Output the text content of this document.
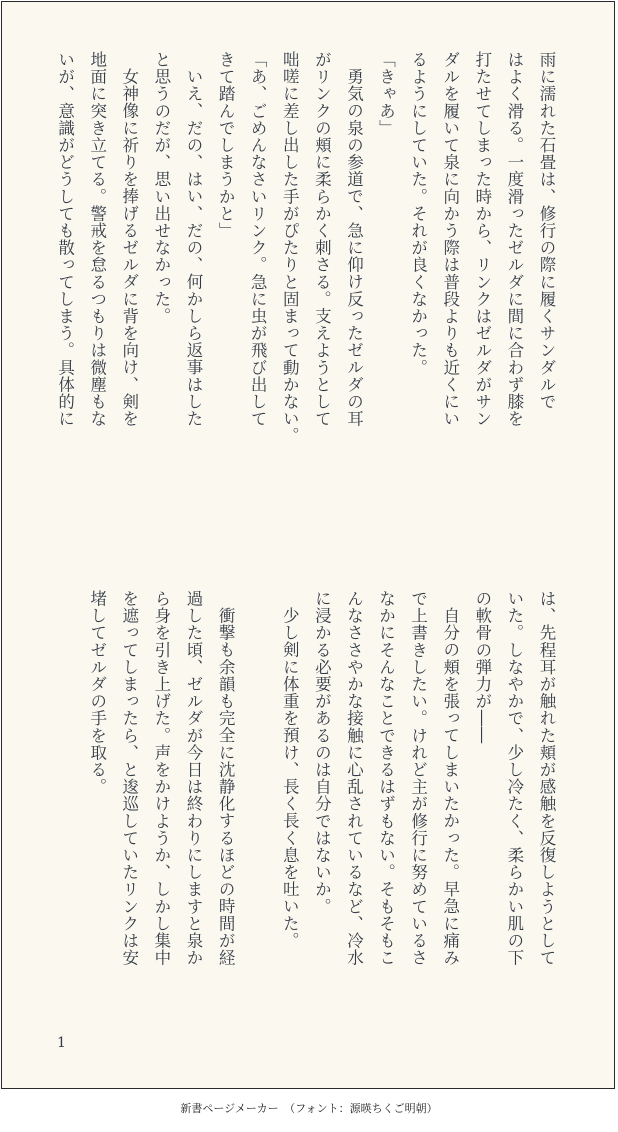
雨に濡れた石畳は、修行の際に履くサンダルで

はよく滑る。一度滑ったゼルダに間に合わず膝を

打たせてしまった時から、リンクはゼルダがサン

ダルを履いて泉に向かう際は普段よりも近くにい

るようにしていた。それが良くなかった。

「きゃあ」

勇気の泉の参道で、急に仰け反ったゼルダの耳

がリンクの頬に柔らかく刺さる。支えようとして

咄嗟に差し出した手がぴたりと固まって動かない。

「あ、ごめんなさいリンク。急に虫が飛び出して

きて踏んでしまうかと」

いえ、だの、はい、だの、何かしら返事はした

と思うのだが、思い出せなかった。

女神像に祈りを捧げるゼルダに背を向け、剣を

地面に突き立てる。警戒を怠るつもりは微塵もな

いが、意識がどうしても散ってしまう。具体的に

は、先程耳が触れた頬が感触を反復しようとして

いた。しなやかで、少し冷たく、柔らかい肌の下

の軟骨の弾力が――

自分の頬を張ってしまいたかった。早急に痛み

で上書きしたい。けれど主が修行に努めているさ

なかにそんなことできるはずもない。そもそもこ

んなささやかな接触に心乱されているなど、冷水

に浸かる必要があるのは自分ではないか。

少し剣に体重を預け、長く長く息を吐いた。

衝撃も余韻も完全に沈静化するほどの時間が経

過した頃、ゼルダが今日は終わりにしますと泉か

ら身を引き上げた。声をかけようか、しかし集中

を遮ってしまったら、と逡巡していたリンクは安

堵してゼルダの手を取る。

1
新書ページメーカー　（フォント：源暎ちくご明朝）
